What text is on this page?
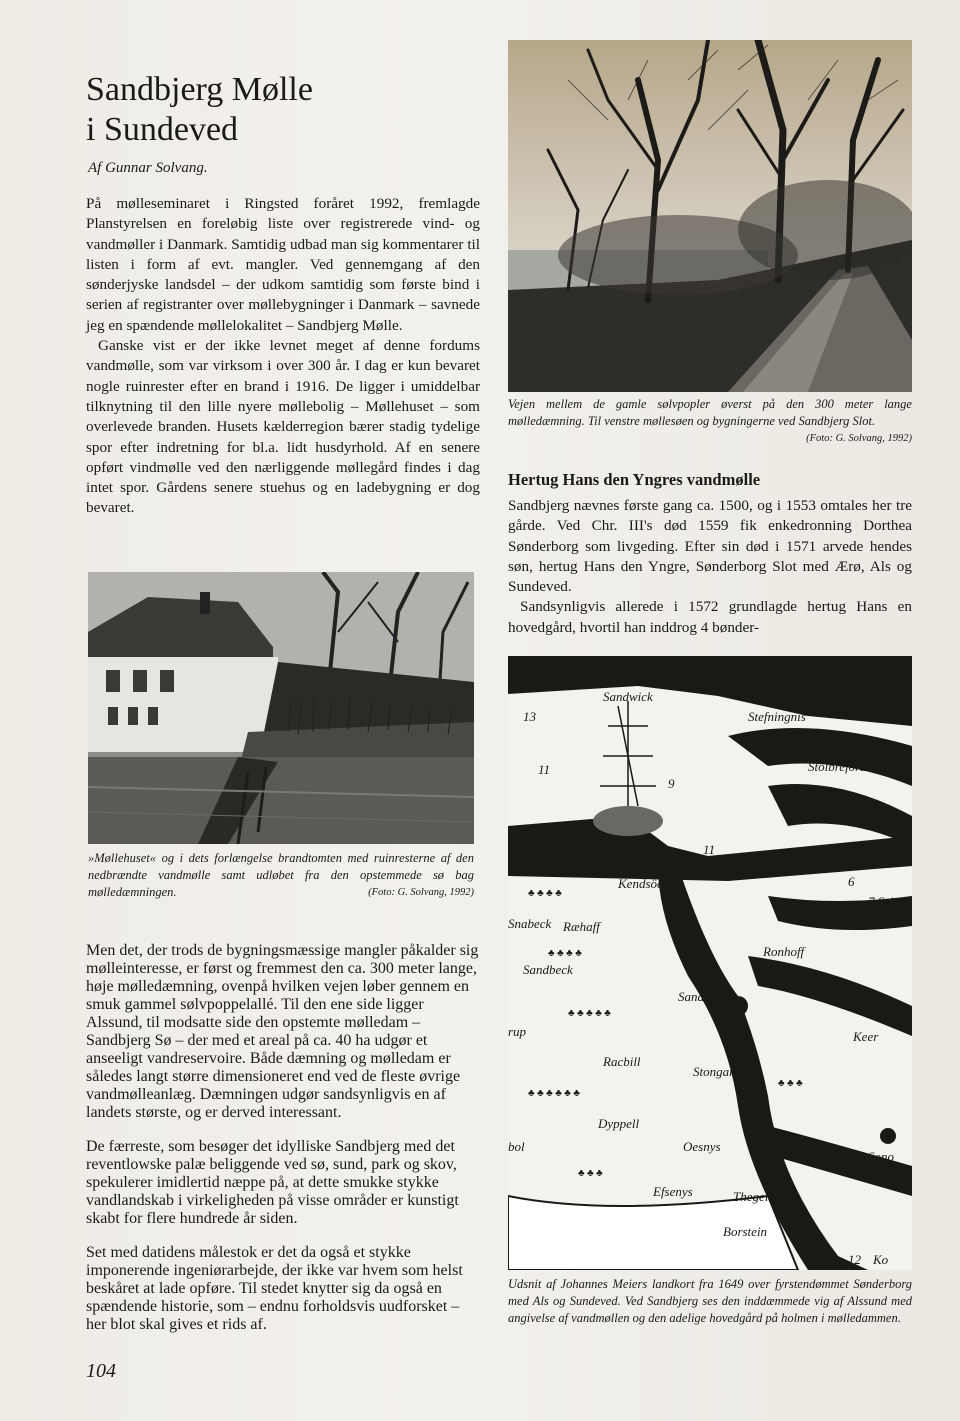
Sandbjerg Mølle
i Sundeved
Af Gunnar Solvang.

På mølleseminaret i Ringsted foråret 1992, fremlagde Planstyrelsen en foreløbig liste over registrerede vind- og vandmøller i Danmark. Samtidig udbad man sig kommentarer til listen i form af evt. mangler. Ved gennemgang af den sønderjyske landsdel – der udkom samtidig som første bind i serien af registranter over møllebygninger i Danmark – savnede jeg en spændende møllelokalitet – Sandbjerg Mølle.

Ganske vist er der ikke levnet meget af denne fordums vandmølle, som var virksom i over 300 år. I dag er kun bevaret nogle ruinrester efter en brand i 1916. De ligger i umiddelbar tilknytning til den lille nyere møllebolig – Møllehuset – som overlevede branden. Husets kælderregion bærer stadig tydelige spor efter indretning for bl.a. lidt husdyrhold. Af en senere opført vindmølle ved den nærliggende møllegård findes i dag intet spor. Gårdens senere stuehus og en ladebygning er dog bevaret.

Vejen mellem de gamle sølvpopler øverst på den 300 meter lange mølledæmning. Til venstre møllesøen og bygningerne ved Sandbjerg Slot.
(Foto: G. Solvang, 1992)
»Møllehuset« og i dets forlængelse brandtomten med ruinresterne af den nedbrændte vandmølle samt udløbet fra den opstemmede sø bag mølledæmningen.	(Foto: G. Solvang, 1992)

Men det, der trods de bygningsmæssige mangler påkalder sig mølleinteresse, er først og fremmest den ca. 300 meter lange, høje mølledæmning, ovenpå hvilken vejen løber gennem en smuk gammel sølvpoppelallé. Til den ene side ligger Alssund, til modsatte side den opstemte mølledam – Sandbjerg Sø – der med et areal på ca. 40 ha udgør et anseeligt vandreservoire. Både dæmning og mølledam er således langt større dimensioneret end ved de fleste øvrige vandmølleanlæg. Dæmningen udgør sandsynligvis en af landets største, og er derved interessant.

De færreste, som besøger det idylliske Sandbjerg med det reventlowske palæ beliggende ved sø, sund, park og skov, spekulerer imidlertid næppe på, at dette smukke stykke vandlandskab i virkeligheden på visse områder er kunstigt skabt for flere hundrede år siden.

Set med datidens målestok er det da også et stykke imponerende ingeniørarbejde, der ikke var hvem som helst beskåret at lade opføre. Til stedet knytter sig da også en spændende historie, som – endnu forholdsvis uudforsket – her blot skal gives et rids af.

Hertug Hans den Yngres vandmølle

Sandbjerg nævnes første gang ca. 1500, og i 1553 omtales her tre gårde. Ved Chr. III's død 1559 fik enkedronning Dorthea Sønderborg som livgeding. Efter sin død i 1571 arvede hendes søn, hertug Hans den Yngre, Sønderborg Slot med Ærø, Als og Sundeved.

Sandsynligvis allerede i 1572 grundlagde hertug Hans en hovedgård, hvortil han inddrog 4 bønder-

Sandwick
Stefningnis	Tunde
Stolbreförd
Stollbron
Arkielsöer
Kattholm
Kendsöer
Snabeck Ræhaff
Sandbeck
Ronhoff
Sandberg
Bagmoes
Keer
Stongard
Racbill
Dyppell
Oesnys
Efsenys	Thegelhoff
Borstein
Sono
Ko
rup
bol
13
11
9
11
6
12
7 Sei
12
♣ ♣ ♣
♣ ♣ ♣ ♣
♣ ♣ ♣ ♣
♣ ♣ ♣ ♣ ♣
♣ ♣ ♣ ♣ ♣ ♣
♣ ♣ ♣
♣ ♣ ♣
Udsnit af Johannes Meiers landkort fra 1649 over fyrstendømmet Sønderborg med Als og Sundeved. Ved Sandbjerg ses den inddæmmede vig af Alssund med angivelse af vandmøllen og den adelige hovedgård på holmen i mølledammen.
104
